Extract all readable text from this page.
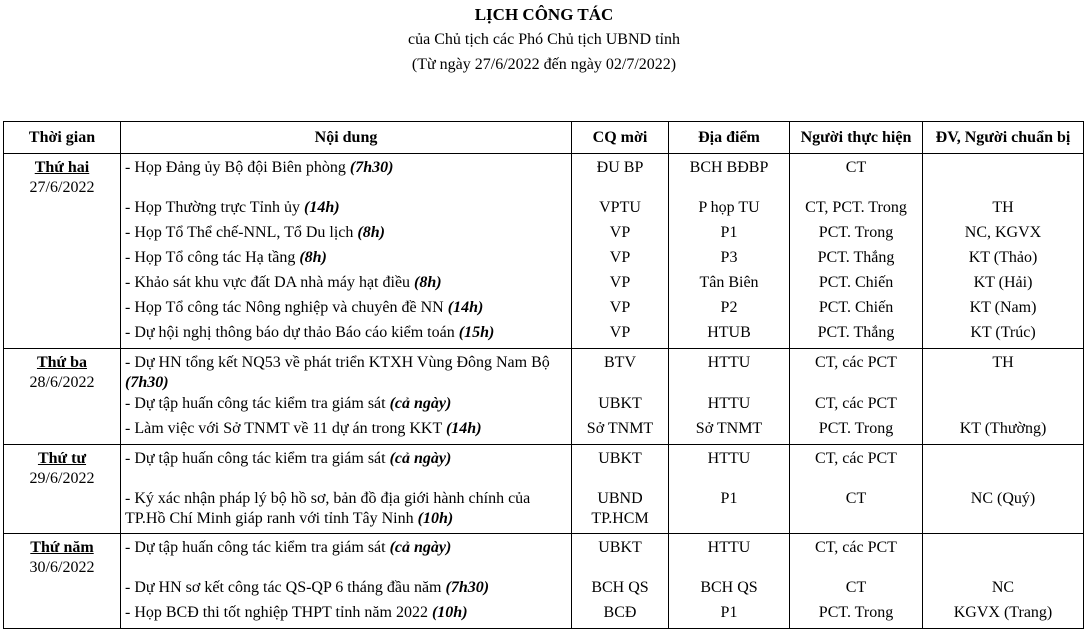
LỊCH CÔNG TÁC
của Chủ tịch các Phó Chủ tịch UBND tỉnh
(Từ ngày 27/6/2022 đến ngày 02/7/2022)
Thời gian	Nội dung	CQ mời	Địa điểm	Người thực hiện	ĐV, Người chuẩn bị

Thứ hai
27/6/2022	- Họp Đảng ủy Bộ đội Biên phòng (7h30)	ĐU BP	BCH BĐBP	CT	
	- Họp Thường trực Tỉnh ủy (14h)	VPTU	P họp TU	CT, PCT. Trong	TH
	- Họp Tổ Thể chế-NNL, Tổ Du lịch (8h)	VP	P1	PCT. Trong	NC, KGVX
	- Họp Tổ công tác Hạ tầng (8h)	VP	P3	PCT. Thắng	KT (Thảo)
	- Khảo sát khu vực đất DA nhà máy hạt điều (8h)	VP	Tân Biên	PCT. Chiến	KT (Hải)
	- Họp Tổ công tác Nông nghiệp và chuyên đề NN (14h)	VP	P2	PCT. Chiến	KT (Nam)
	- Dự hội nghị thông báo dự thảo Báo cáo kiểm toán (15h)	VP	HTUB	PCT. Thắng	KT (Trúc)

Thứ ba
28/6/2022	- Dự HN tổng kết NQ53 về phát triển KTXH Vùng Đông Nam Bộ (7h30)	BTV	HTTU	CT, các PCT	TH
	- Dự tập huấn công tác kiểm tra giám sát (cả ngày)	UBKT	HTTU	CT, các PCT	
	- Làm việc với Sở TNMT về 11 dự án trong KKT (14h)	Sở TNMT	Sở TNMT	PCT. Trong	KT (Thường)

Thứ tư
29/6/2022	- Dự tập huấn công tác kiểm tra giám sát (cả ngày)	UBKT	HTTU	CT, các PCT	
	- Ký xác nhận pháp lý bộ hồ sơ, bản đồ địa giới hành chính của TP.Hồ Chí Minh giáp ranh với tỉnh Tây Ninh (10h)	UBND TP.HCM	P1	CT	NC (Quý)

Thứ năm
30/6/2022	- Dự tập huấn công tác kiểm tra giám sát (cả ngày)	UBKT	HTTU	CT, các PCT	
	- Dự HN sơ kết công tác QS-QP 6 tháng đầu năm (7h30)	BCH QS	BCH QS	CT	NC
	- Họp BCĐ thi tốt nghiệp THPT tỉnh năm 2022 (10h)	BCĐ	P1	PCT. Trong	KGVX (Trang)
